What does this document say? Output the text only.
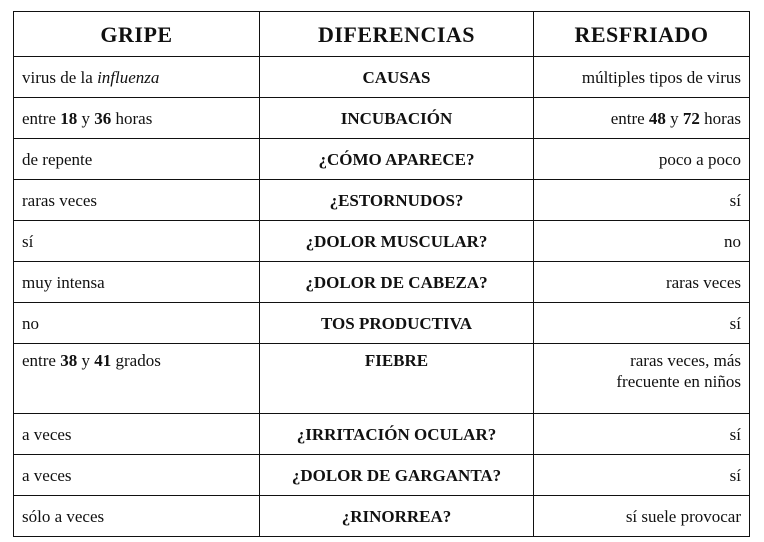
GRIPE	DIFERENCIAS	RESFRIADO
virus de la influenza	CAUSAS	múltiples tipos de virus
entre 18 y 36 horas	INCUBACIÓN	entre 48 y 72 horas
de repente	¿CÓMO APARECE?	poco a poco
raras veces	¿ESTORNUDOS?	sí
sí	¿DOLOR MUSCULAR?	no
muy intensa	¿DOLOR DE CABEZA?	raras veces
no	TOS PRODUCTIVA	sí
entre 38 y 41 grados	FIEBRE	raras veces, más
frecuente en niños
a veces	¿IRRITACIÓN OCULAR?	sí
a veces	¿DOLOR DE GARGANTA?	sí
sólo a veces	¿RINORREA?	sí suele provocar
